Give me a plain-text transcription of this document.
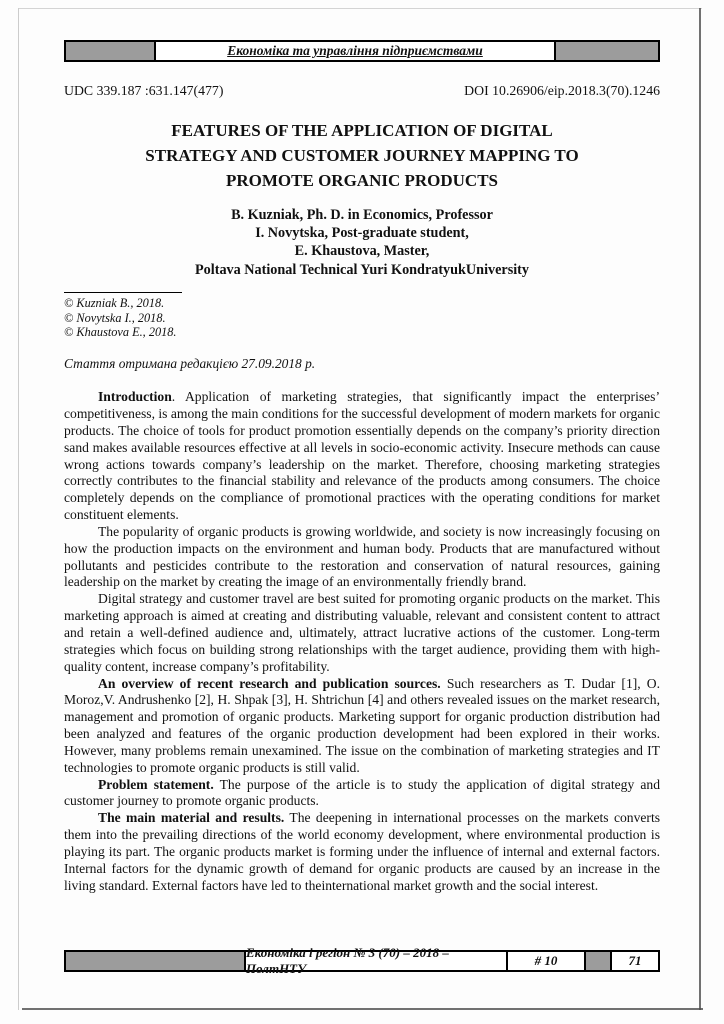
Економіка та управління підприємствами
UDC 339.187 :631.147(477)	DOI 10.26906/eip.2018.3(70).1246
FEATURES OF THE APPLICATION OF DIGITAL
STRATEGY AND CUSTOMER JOURNEY MAPPING TO
PROMOTE ORGANIC PRODUCTS
B. Kuzniak, Ph. D. in Economics, Professor
I. Novytska, Post-graduate student,
E. Khaustova, Master,
Poltava National Technical Yuri KondratyukUniversity
© Kuzniak B., 2018.
© Novytska I., 2018.
© Khaustova E., 2018.
Стаття отримана редакцією 27.09.2018 р.

Introduction. Application of marketing strategies, that significantly impact the enterprises’ competitiveness, is among the main conditions for the successful development of modern markets for organic products. The choice of tools for product promotion essentially depends on the company’s priority direction sand makes available resources effective at all levels in socio-economic activity. Insecure methods can cause wrong actions towards company’s leadership on the market. Therefore, choosing marketing strategies correctly contributes to the financial stability and relevance of the products among consumers. The choice completely depends on the compliance of promotional practices with the operating conditions for market constituent elements.

The popularity of organic products is growing worldwide, and society is now increasingly focusing on how the production impacts on the environment and human body. Products that are manufactured without pollutants and pesticides contribute to the restoration and conservation of natural resources, gaining leadership on the market by creating the image of an environmentally friendly brand.

Digital strategy and customer travel are best suited for promoting organic products on the market. This marketing approach is aimed at creating and distributing valuable, relevant and consistent content to attract and retain a well-defined audience and, ultimately, attract lucrative actions of the customer. Long-term strategies which focus on building strong relationships with the target audience, providing them with high-quality content, increase company’s profitability.

An overview of recent research and publication sources. Such researchers as T. Dudar [1], O. Moroz,V. Andrushenko [2], H. Shpak [3], H. Shtrichun [4] and others revealed issues on the market research, management and promotion of organic products. Marketing support for organic production distribution had been analyzed and features of the organic production development had been explored in their works. However, many problems remain unexamined. The issue on the combination of marketing strategies and IT technologies to promote organic products is still valid.

Problem statement. The purpose of the article is to study the application of digital strategy and customer journey to promote organic products.

The main material and results. The deepening in international processes on the markets converts them into the prevailing directions of the world economy development, where environmental production is playing its part. The organic products market is forming under the influence of internal and external factors. Internal factors for the dynamic growth of demand for organic products are caused by an increase in the living standard. External factors have led to theinternational market growth and the social interest.

Економіка і регіон № 3 (70) – 2018 – ПолтНТУ
# 10	71
